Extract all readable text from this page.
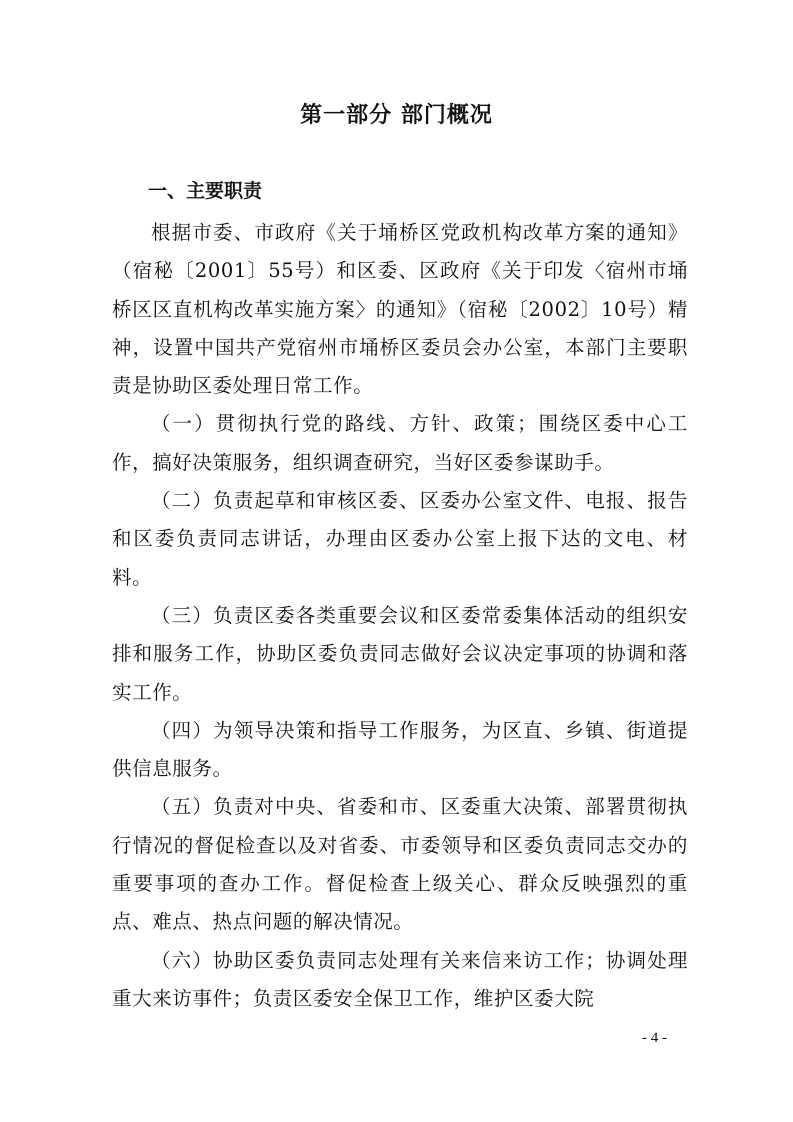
第一部分 部门概况
一、主要职责

根据市委、市政府《关于埇桥区党政机构改革方案的通知》（宿秘〔2001〕55号）和区委、区政府《关于印发〈宿州市埇桥区区直机构改革实施方案〉的通知》（宿秘〔2002〕10号）精神，设置中国共产党宿州市埇桥区委员会办公室，本部门主要职责是协助区委处理日常工作。

（一）贯彻执行党的路线、方针、政策；围绕区委中心工作，搞好决策服务，组织调查研究，当好区委参谋助手。

（二）负责起草和审核区委、区委办公室文件、电报、报告和区委负责同志讲话，办理由区委办公室上报下达的文电、材料。

（三）负责区委各类重要会议和区委常委集体活动的组织安排和服务工作，协助区委负责同志做好会议决定事项的协调和落实工作。

（四）为领导决策和指导工作服务，为区直、乡镇、街道提供信息服务。

（五）负责对中央、省委和市、区委重大决策、部署贯彻执行情况的督促检查以及对省委、市委领导和区委负责同志交办的重要事项的查办工作。督促检查上级关心、群众反映强烈的重点、难点、热点问题的解决情况。

（六）协助区委负责同志处理有关来信来访工作；协调处理重大来访事件；负责区委安全保卫工作，维护区委大院

- 4 -
